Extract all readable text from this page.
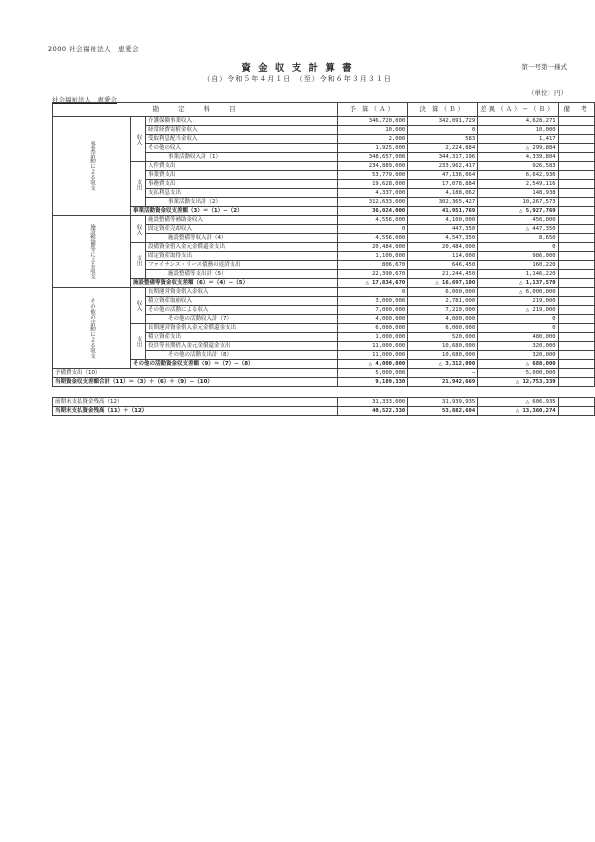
2000 社会福祉法人　恵愛会
第一号第一様式
資 金 収 支 計 算 書
（自）令和５年４月１日　（至）令和６年３月３１日
社会福祉法人　恵愛会
（単位：円）
勘　　定　　科　　目			予 算（Ａ）	決 算（Ｂ）	差異（Ａ）−（Ｂ）	備　考
事業活動による収支	収入	介護保険事業収入	346,720,000	342,091,729	4,628,271	
		経常経費寄附金収入	10,000	0	10,000	
		受取利息配当金収入	2,000	583	1,417	
		その他の収入	1,925,000	2,224,884	△ 299,884	
		事業活動収入計（1）	348,657,000	344,317,196	4,339,804	
	支出	人件費支出	234,889,000	233,962,417	926,583	
		事業費支出	53,779,000	47,136,064	6,642,936	
		事務費支出	19,628,000	17,078,884	2,549,116	
		支払利息支出	4,337,000	4,188,062	148,938	
		事業活動支出計（2）	312,633,000	302,365,427	10,267,573	
	事業活動資金収支差額（3）＝（1）−（2）		36,024,000	41,951,769	△ 5,927,769	
施設整備等による収支	収入	施設整備等補助金収入	4,556,000	4,100,000	456,000	
		固定資産売却収入	0	447,350	△ 447,350	
		施設整備等収入計（4）	4,556,000	4,547,350	8,650	
	支出	設備資金借入金元金償還金支出	20,484,000	20,484,000	0	
		固定資産取得支出	1,100,000	114,000	986,000	
		ファイナンス・リース債務の返済支出	806,670	646,450	160,220	
		施設整備等支出計（5）	22,390,670	21,244,450	1,146,220	
	施設整備等資金収支差額（6）＝（4）−（5）		△ 17,834,670	△ 16,697,100	△ 1,137,570	
その他の活動による収支	収入	長期運営資金借入金収入	0	6,000,000	△ 6,000,000	
		積立資産取崩収入	3,000,000	2,781,000	219,000	
		その他の活動による収入	7,000,000	7,219,000	△ 219,000	
		その他の活動収入計（7）	4,000,000	4,000,000	0	
	支出	長期運営資金借入金元金償還金支出	6,000,000	6,000,000	0	
		積立資産支出	1,000,000	520,000	480,000	
		役員等長期借入金元金償還金支出	11,000,000	10,680,000	320,000	
		その他の活動支出計（8）	11,000,000	10,680,000	320,000	
	その他の活動資金収支差額（9）＝（7）−（8）		△ 4,000,000	△ 3,312,000	△ 688,000	
予備費支出（10）			5,000,000	−	5,000,000	
当期資金収支差額合計（11）＝（3）＋（6）＋（9）−（10）			9,189,330	21,942,669	△ 12,753,339	

前期末支払資金残高（12）			31,333,000	31,939,935	△ 606,935	
当期末支払資金残高（11）＋（12）			40,522,330	53,882,604	△ 13,360,274	
